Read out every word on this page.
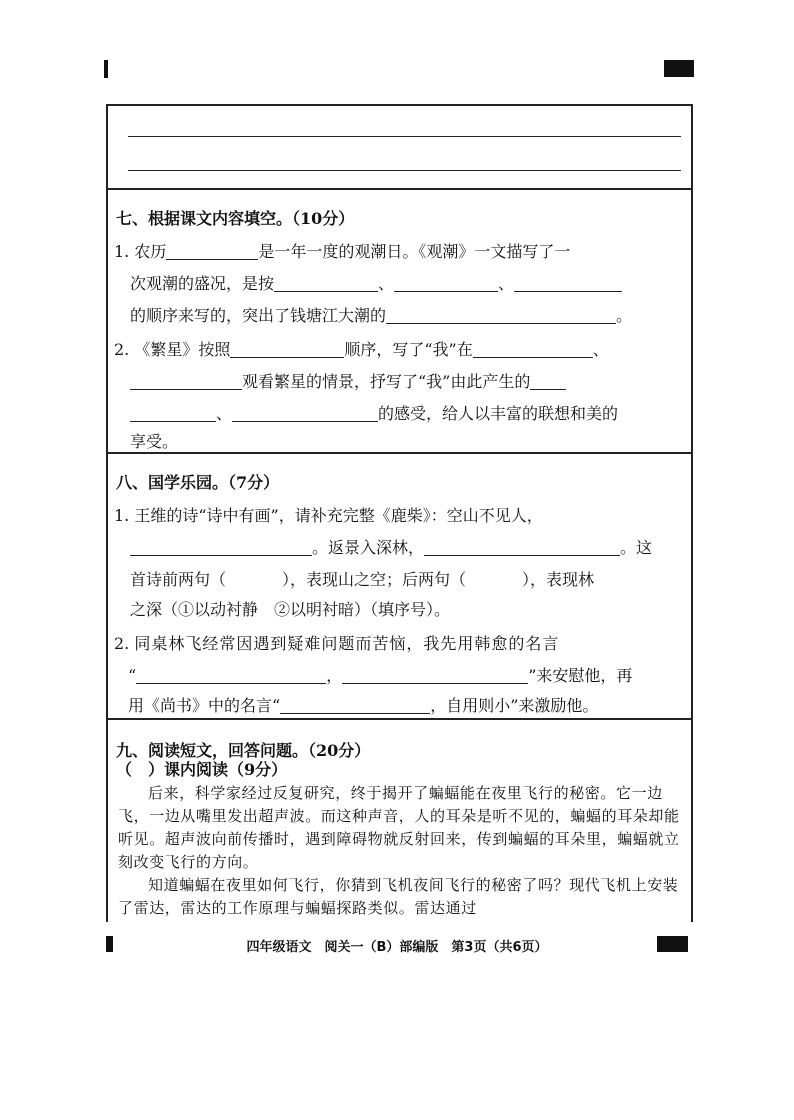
七、根据课文内容填空。（10分）
1. 农历	是一年一度的观潮日。《观潮》一文描写了一
次观潮的盛况，是按	、	、
的顺序来写的，突出了钱塘江大潮的	。
2. 《繁星》按照	顺序，写了“我”在	、
观看繁星的情景，抒写了“我”由此产生的
、	的感受，给人以丰富的联想和美的
享受。
八、国学乐园。（7分）
1. 王维的诗“诗中有画”，请补充完整《鹿柴》：空山不见人，
。返景入深林，	。这
首诗前两句（	），表现山之空；后两句（	），表现林
之深（①以动衬静　②以明衬暗）（填序号）。
2. 同桌林飞经常因遇到疑难问题而苦恼，我先用韩愈的名言
“	，	”来安慰他，再
用《尚书》中的名言“	，自用则小”来激励他。
九、阅读短文，回答问题。（20分）
（　）课内阅读（9分）

后来，科学家经过反复研究，终于揭开了蝙蝠能在夜里飞行的秘密。它一边飞，一边从嘴里发出超声波。而这种声音，人的耳朵是听不见的，蝙蝠的耳朵却能听见。超声波向前传播时，遇到障碍物就反射回来，传到蝙蝠的耳朵里，蝙蝠就立刻改变飞行的方向。

知道蝙蝠在夜里如何飞行，你猜到飞机夜间飞行的秘密了吗？现代飞机上安装了雷达，雷达的工作原理与蝙蝠探路类似。雷达通过

四年级语文　阅关一（B）部编版　第3页（共6页）
